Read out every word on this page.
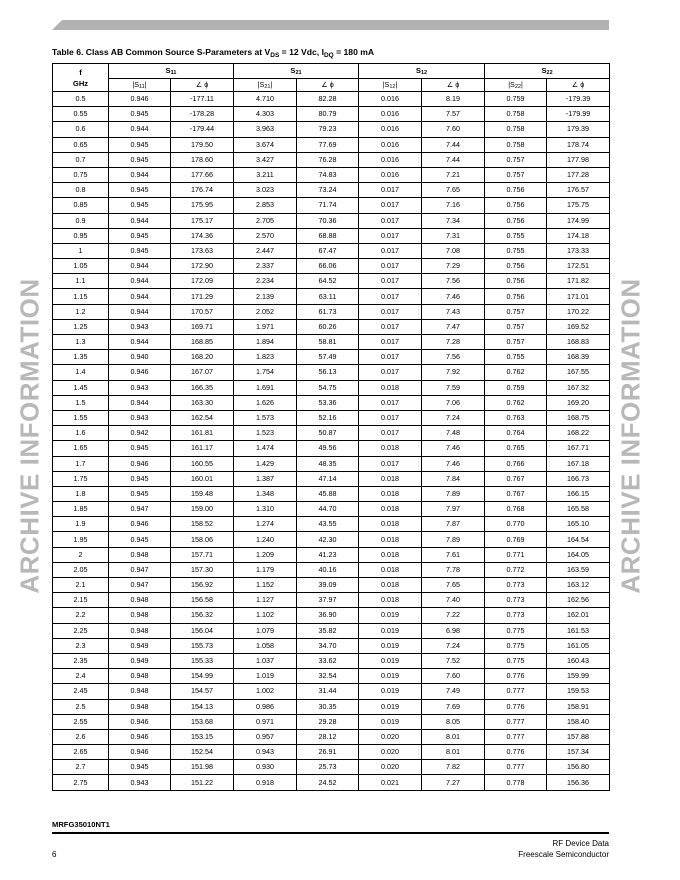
Table 6. Class AB Common Source S-Parameters at $V_{DS} = 12$ Vdc, $I_{DQ} = 180$ mA
f
GHz	$S_{11}$		$S_{21}$		$S_{12}$		$S_{22}$
	$|S_{11}|$	∠ ϕ	$|S_{21}|$	∠ ϕ	$|S_{12}|$	∠ ϕ	$|S_{22}|$	∠ ϕ
0.5	0.946	-177.11	4.710	82.28	0.016	8.19	0.759	-179.39
0.55	0.945	-178.28	4.303	80.79	0.016	7.57	0.758	-179.99
0.6	0.944	-179.44	3.963	79.23	0.016	7.60	0.758	179.39
0.65	0.945	179.50	3.674	77.69	0.016	7.44	0.758	178.74
0.7	0.945	178.60	3.427	76.28	0.016	7.44	0.757	177.98
0.75	0.944	177.66	3.211	74.83	0.016	7.21	0.757	177.28
0.8	0.945	176.74	3.023	73.24	0.017	7.65	0.756	176.57
0.85	0.945	175.95	2.853	71.74	0.017	7.16	0.756	175.75
0.9	0.944	175.17	2.705	70.36	0.017	7.34	0.756	174.99
0.95	0.945	174.36	2.570	68.88	0.017	7.31	0.755	174.18
1	0.945	173.63	2.447	67.47	0.017	7.08	0.755	173.33
1.05	0.944	172.90	2.337	66.06	0.017	7.29	0.756	172.51
1.1	0.944	172.09	2.234	64.52	0.017	7.56	0.756	171.82
1.15	0.944	171.29	2.139	63.11	0.017	7.46	0.756	171.01
1.2	0.944	170.57	2.052	61.73	0.017	7.43	0.757	170.22
1.25	0.943	169.71	1.971	60.26	0.017	7.47	0.757	169.52
1.3	0.944	168.85	1.894	58.81	0.017	7.28	0.757	168.83
1.35	0.940	168.20	1.823	57.49	0.017	7.56	0.755	168.39
1.4	0.946	167.07	1.754	56.13	0.017	7.92	0.762	167.55
1.45	0.943	166.35	1.691	54.75	0.018	7.59	0.759	167.32
1.5	0.944	163.30	1.626	53.36	0.017	7.06	0.762	169.20
1.55	0.943	162.54	1.573	52.16	0.017	7.24	0.763	168.75
1.6	0.942	161.81	1.523	50.87	0.017	7.48	0.764	168.22
1.65	0.945	161.17	1.474	49.56	0.018	7.46	0.765	167.71
1.7	0.946	160.55	1.429	48.35	0.017	7.46	0.766	167.18
1.75	0.945	160.01	1.387	47.14	0.018	7.84	0.767	166.73
1.8	0.945	159.48	1.348	45.88	0.018	7.89	0.767	166.15
1.85	0.947	159.00	1.310	44.70	0.018	7.97	0.768	165.58
1.9	0.946	158.52	1.274	43.55	0.018	7.87	0.770	165.10
1.95	0.945	158.06	1.240	42.30	0.018	7.89	0.769	164.54
2	0.948	157.71	1.209	41.23	0.018	7.61	0.771	164.05
2.05	0.947	157.30	1.179	40.16	0.018	7.78	0.772	163.59
2.1	0.947	156.92	1.152	39.09	0.018	7.65	0.773	163.12
2.15	0.948	156.58	1.127	37.97	0.018	7.40	0.773	162.56
2.2	0.948	156.32	1.102	36.90	0.019	7.22	0.773	162.01
2.25	0.948	156.04	1.079	35.82	0.019	6.98	0.775	161.53
2.3	0.949	155.73	1.058	34.70	0.019	7.24	0.775	161.05
2.35	0.949	155.33	1.037	33.62	0.019	7.52	0.775	160.43
2.4	0.948	154.99	1.019	32.54	0.019	7.60	0.776	159.99
2.45	0.948	154.57	1.002	31.44	0.019	7.49	0.777	159.53
2.5	0.948	154.13	0.986	30.35	0.019	7.69	0.776	158.91
2.55	0.946	153.68	0.971	29.28	0.019	8.05	0.777	158.40
2.6	0.946	153.15	0.957	28.12	0.020	8.01	0.777	157.88
2.65	0.946	152.54	0.943	26.91	0.020	8.01	0.776	157.34
2.7	0.945	151.98	0.930	25.73	0.020	7.82	0.777	156.80
2.75	0.943	151.22	0.918	24.52	0.021	7.27	0.778	156.36
ARCHIVE INFORMATION	ARCHIVE INFORMATION
MRFG35010NT1
6
RF Device Data
Freescale Semiconductor
